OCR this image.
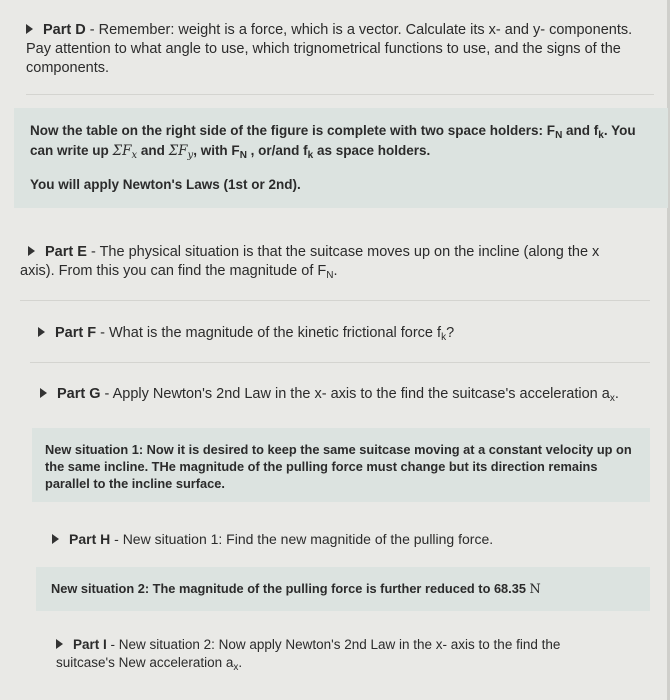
Part D - Remember: weight is a force, which is a vector. Calculate its x- and y- components. Pay attention to what angle to use, which trignometrical functions to use, and the signs of the components.
Now the table on the right side of the figure is complete with two space holders: $F_N$ and $f_k$. You
can write up $\Sigma F_x$ and $\Sigma F_y$, with $F_N$ , or/and $f_k$ as space holders.
You will apply Newton's Laws (1st or 2nd).
Part E - The physical situation is that the suitcase moves up on the incline (along the x axis). From this you can find the magnitude of $F_N$.
Part F - What is the magnitude of the kinetic frictional force $f_k$?
Part G - Apply Newton's 2nd Law in the x- axis to the find the suitcase's acceleration $a_x$.
New situation 1: Now it is desired to keep the same suitcase moving at a constant velocity up on the same incline. THe magnitude of the pulling force must change but its direction remains parallel to the incline surface.
Part H - New situation 1: Find the new magnitide of the pulling force.
New situation 2: The magnitude of the pulling force is further reduced to 68.35 N
Part I - New situation 2: Now apply Newton's 2nd Law in the x- axis to the find the suitcase's New acceleration $a_x$.
